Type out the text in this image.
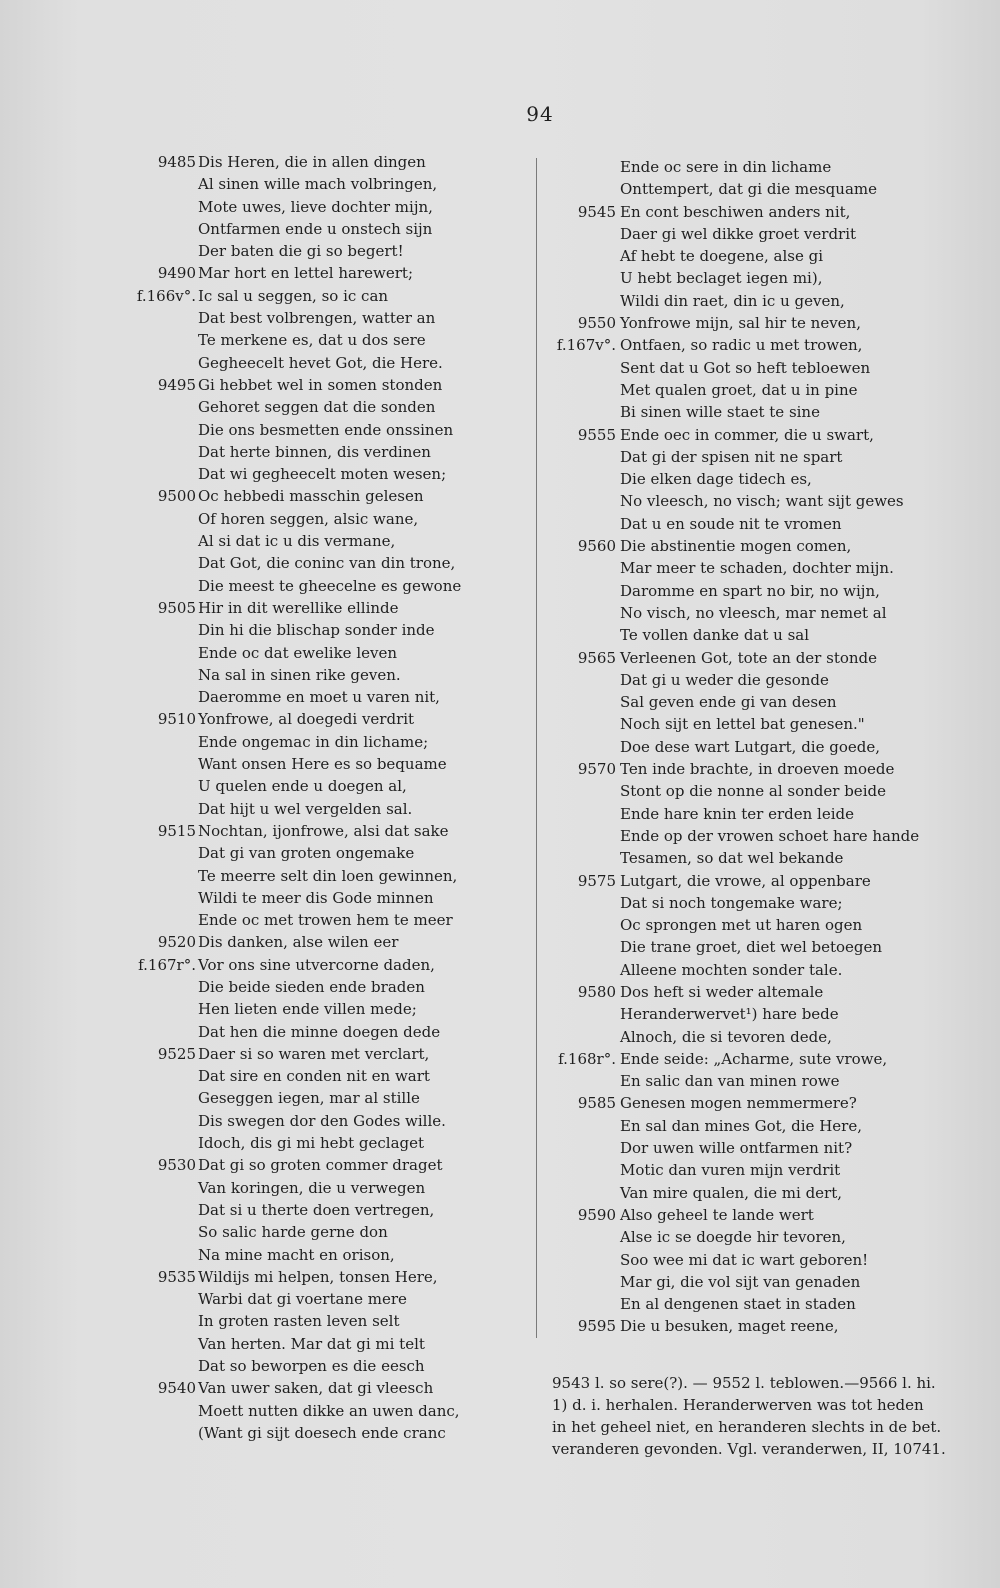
94
9485 Dis Heren, die in allen dingen
Al sinen wille mach volbringen,
Mote uwes, lieve dochter mijn,
Ontfarmen ende u onstech sijn
Der baten die gi so begert!
9490 Mar hort en lettel harewert;
f.166v°. Ic sal u seggen, so ic can
Dat best volbrengen, watter an
Te merkene es, dat u dos sere
Gegheecelt hevet Got, die Here.
9495 Gi hebbet wel in somen stonden
Gehoret seggen dat die sonden
Die ons besmetten ende onssinen
Dat herte binnen, dis verdinen
Dat wi gegheecelt moten wesen;
9500 Oc hebbedi masschin gelesen
Of horen seggen, alsic wane,
Al si dat ic u dis vermane,
Dat Got, die coninc van din trone,
Die meest te gheecelne es gewone
9505 Hir in dit werellike ellinde
Din hi die blischap sonder inde
Ende oc dat ewelike leven
Na sal in sinen rike geven.
Daeromme en moet u varen nit,
9510 Yonfrowe, al doegedi verdrit
Ende ongemac in din lichame;
Want onsen Here es so bequame
U quelen ende u doegen al,
Dat hijt u wel vergelden sal.
9515 Nochtan, ijonfrowe, alsi dat sake
Dat gi van groten ongemake
Te meerre selt din loen gewinnen,
Wildi te meer dis Gode minnen
Ende oc met trowen hem te meer
9520 Dis danken, alse wilen eer
f.167r°. Vor ons sine utvercorne daden,
Die beide sieden ende braden
Hen lieten ende villen mede;
Dat hen die minne doegen dede
9525 Daer si so waren met verclart,
Dat sire en conden nit en wart
Geseggen iegen, mar al stille
Dis swegen dor den Godes wille.
Idoch, dis gi mi hebt geclaget
9530 Dat gi so groten commer draget
Van koringen, die u verwegen
Dat si u therte doen vertregen,
So salic harde gerne don
Na mine macht en orison,
9535 Wildijs mi helpen, tonsen Here,
Warbi dat gi voertane mere
In groten rasten leven selt
Van herten. Mar dat gi mi telt
Dat so beworpen es die eesch
9540 Van uwer saken, dat gi vleesch
Moett nutten dikke an uwen danc,
(Want gi sijt doesech ende cranc
Ende oc sere in din lichame
Onttempert, dat gi die mesquame
9545 En cont beschiwen anders nit,
Daer gi wel dikke groet verdrit
Af hebt te doegene, alse gi
U hebt beclaget iegen mi),
Wildi din raet, din ic u geven,
9550 Yonfrowe mijn, sal hir te neven,
f.167v°. Ontfaen, so radic u met trowen,
Sent dat u Got so heft tebloewen
Met qualen groet, dat u in pine
Bi sinen wille staet te sine
9555 Ende oec in commer, die u swart,
Dat gi der spisen nit ne spart
Die elken dage tidech es,
No vleesch, no visch; want sijt gewes
Dat u en soude nit te vromen
9560 Die abstinentie mogen comen,
Mar meer te schaden, dochter mijn.
Daromme en spart no bir, no wijn,
No visch, no vleesch, mar nemet al
Te vollen danke dat u sal
9565 Verleenen Got, tote an der stonde
Dat gi u weder die gesonde
Sal geven ende gi van desen
Noch sijt en lettel bat genesen."
Doe dese wart Lutgart, die goede,
9570 Ten inde brachte, in droeven moede
Stont op die nonne al sonder beide
Ende hare knin ter erden leide
Ende op der vrowen schoet hare hande
Tesamen, so dat wel bekande
9575 Lutgart, die vrowe, al oppenbare
Dat si noch tongemake ware;
Oc sprongen met ut haren ogen
Die trane groet, diet wel betoegen
Alleene mochten sonder tale.
9580 Dos heft si weder altemale
Heranderwervet¹) hare bede
Alnoch, die si tevoren dede,
f.168r°. Ende seide: „Acharme, sute vrowe,
En salic dan van minen rowe
9585 Genesen mogen nemmermere?
En sal dan mines Got, die Here,
Dor uwen wille ontfarmen nit?
Motic dan vuren mijn verdrit
Van mire qualen, die mi dert,
9590 Also geheel te lande wert
Alse ic se doegde hir tevoren,
Soo wee mi dat ic wart geboren!
Mar gi, die vol sijt van genaden
En al dengenen staet in staden
9595 Die u besuken, maget reene,

9543 l. so sere(?). — 9552 l. teblowen.—9566 l. hi.

1) d. i. herhalen. Heranderwerven was tot heden

in het geheel niet, en heranderen slechts in de bet.

veranderen gevonden. Vgl. veranderwen, II, 10741.
